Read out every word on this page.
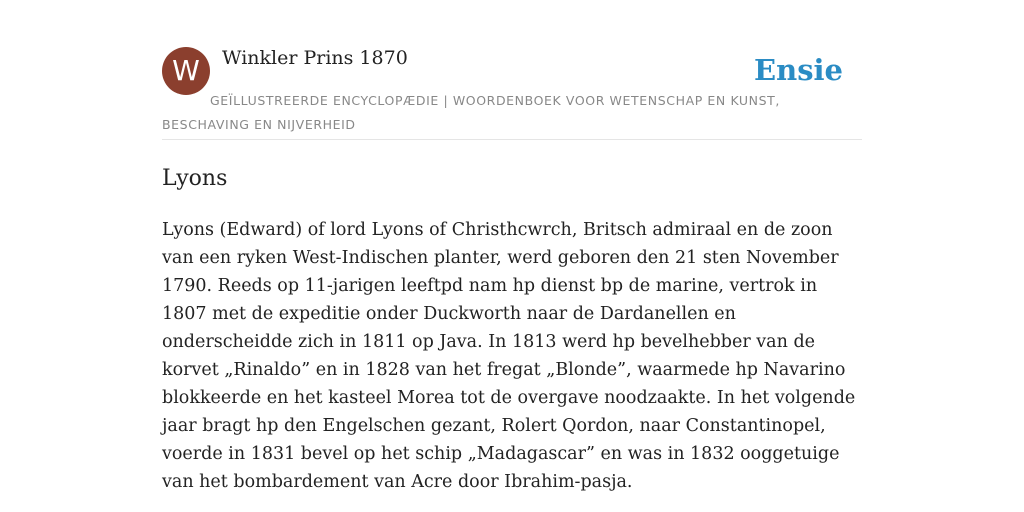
W	Winkler Prins 1870	Ensie
GEÏLLUSTREERDE ENCYCLOPÆDIE | WOORDENBOEK VOOR WETENSCHAP EN KUNST, BESCHAVING EN NIJVERHEID
Lyons

Lyons (Edward) of lord Lyons of Christhcwrch, Britsch admiraal en de zoon van een ryken West-Indischen planter, werd geboren den 21 sten November 1790. Reeds op 11-jarigen leeftpd nam hp dienst bp de marine, vertrok in 1807 met de expeditie onder Duckworth naar de Dardanellen en onderscheidde zich in 1811 op Java. In 1813 werd hp bevelhebber van de korvet „Rinaldo” en in 1828 van het fregat „Blonde”, waarmede hp Navarino blokkeerde en het kasteel Morea tot de overgave noodzaakte. In het volgende jaar bragt hp den Engelschen gezant, Rolert Qordon, naar Constantinopel, voerde in 1831 bevel op het schip „Madagascar” en was in 1832 ooggetuige van het bombardement van Acre door Ibrahim-pasja.
